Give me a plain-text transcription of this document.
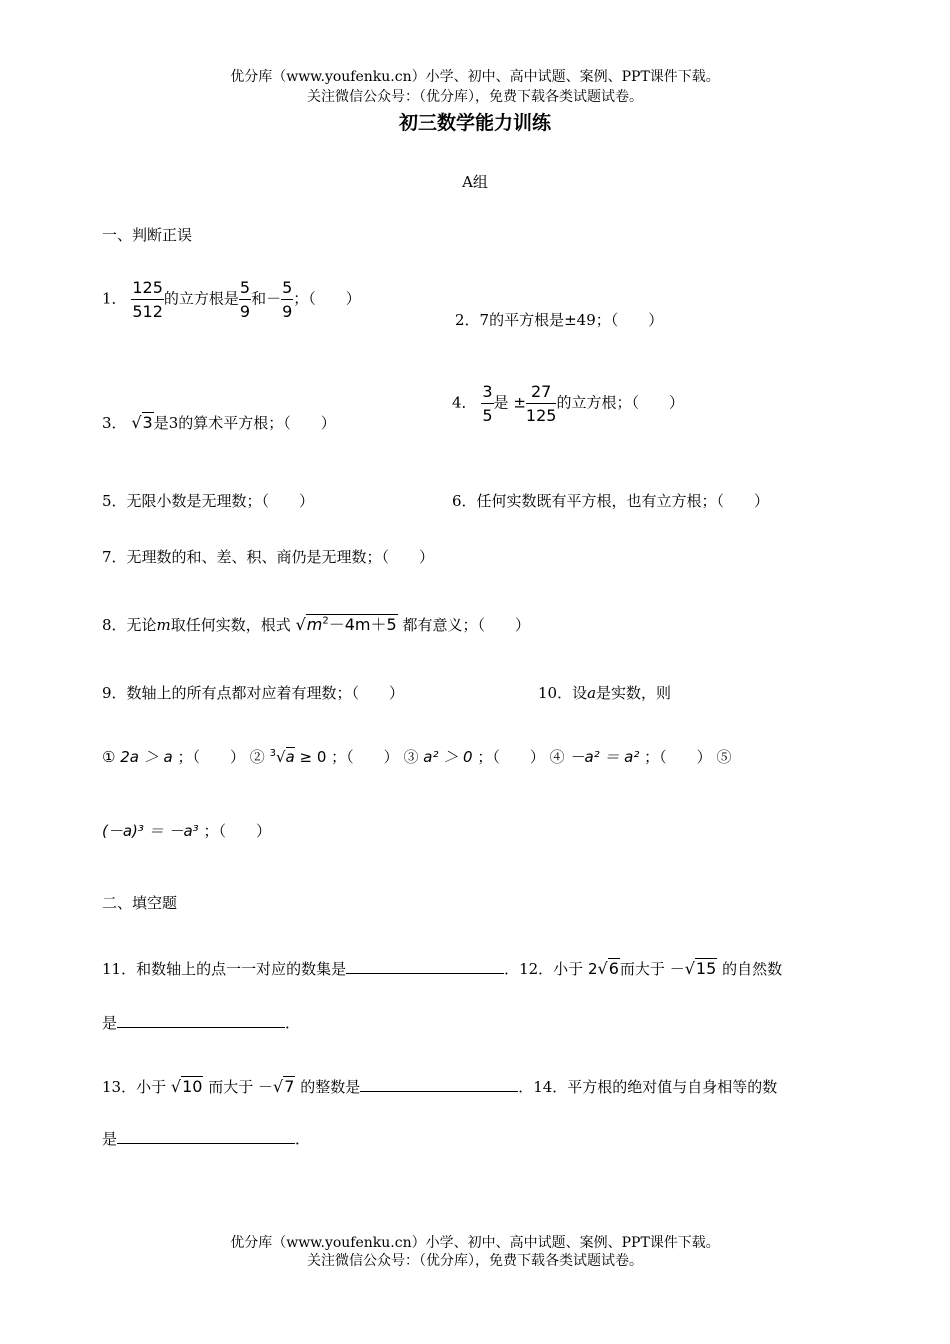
优分库（www.youfenku.cn）小学、初中、高中试题、案例、PPT课件下载。
关注微信公众号：（优分库），免费下载各类试题试卷。
初三数学能力训练
A组
一、判断正误
1． $\frac{125}{512}$ 的立方根是 $\frac{5}{9}$ 和－ $\frac{5}{9}$ ；（　　）
2．7的平方根是±49；（　　）
3． √3是3的算术平方根；（　　）
4． $\frac{3}{5}$ 是 ± $\frac{27}{125}$ 的立方根；（　　）
5．无限小数是无理数；（　　）	6．任何实数既有平方根，也有立方根；（　　）
7．无理数的和、差、积、商仍是无理数；（　　）
8．无论m取任何实数，根式 $√m^2-4m+5$ 都有意义；（　　）
9．数轴上的所有点都对应着有理数；（　　）	10．设a是实数，则
① 2a ＞ a ；（　　） ② $^3$√a ≥ 0 ；（　　） ③ a² ＞ 0 ；（　　） ④ －a² ＝ a² ；（　　） ⑤
(－a)³ ＝ －a³ ；（　　）
二、填空题
11．和数轴上的点一一对应的数集是	．12．小于 2√6而大于 －√15 的自然数
是	．
13．小于 √10 而大于 －√7 的整数是	．14．平方根的绝对值与自身相等的数
是	．
优分库（www.youfenku.cn）小学、初中、高中试题、案例、PPT课件下载。
关注微信公众号：（优分库），免费下载各类试题试卷。
